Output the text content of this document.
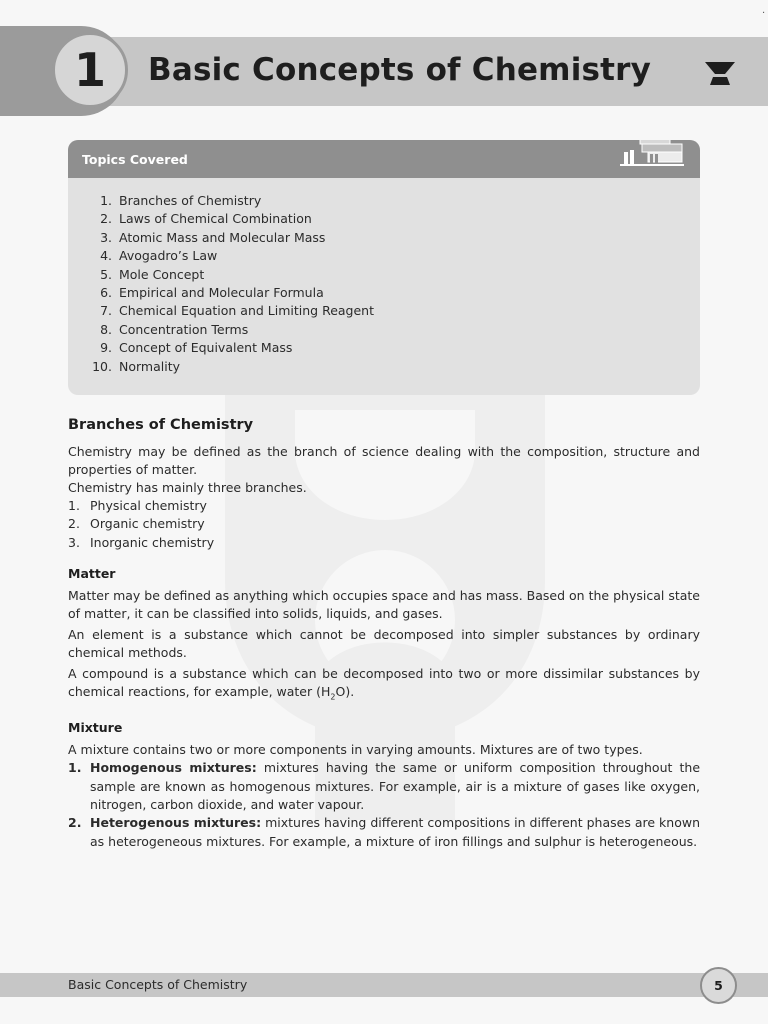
·
1	Basic Concepts of Chemistry
Topics Covered
1. Branches of Chemistry
2. Laws of Chemical Combination
3. Atomic Mass and Molecular Mass
4. Avogadro’s Law
5. Mole Concept
6. Empirical and Molecular Formula
7. Chemical Equation and Limiting Reagent
8. Concentration Terms
9. Concept of Equivalent Mass
10. Normality
Branches of Chemistry

Chemistry may be defined as the branch of science dealing with the composition, structure and properties of matter.

Chemistry has mainly three branches.

1. Physical chemistry
2. Organic chemistry
3. Inorganic chemistry
Matter

Matter may be defined as anything which occupies space and has mass. Based on the physical state of matter, it can be classified into solids, liquids, and gases.

An element is a substance which cannot be decomposed into simpler substances by ordinary chemical methods.

A compound is a substance which can be decomposed into two or more dissimilar substances by chemical reactions, for example, water $(H_2O)$.

Mixture

A mixture contains two or more components in varying amounts. Mixtures are of two types.

1. Homogenous mixtures: mixtures having the same or uniform composition throughout the sample are known as homogenous mixtures. For example, air is a mixture of gases like oxygen, nitrogen, carbon dioxide, and water vapour.
2. Heterogenous mixtures: mixtures having different compositions in different phases are known as heterogeneous mixtures. For example, a mixture of iron fillings and sulphur is heterogeneous.
Basic Concepts of Chemistry	5
